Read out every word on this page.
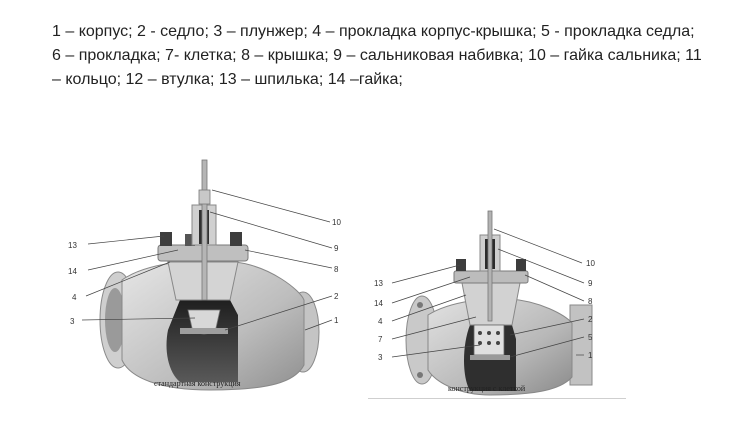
1 – корпус; 2 - седло; 3 – плунжер; 4 – прокладка корпус-крышка; 5 - прокладка седла;
6 – прокладка; 7- клетка; 8 – крышка; 9 – сальниковая набивка; 10 – гайка сальника; 11
– кольцо; 12 – втулка; 13 – шпилька; 14 –гайка;

13
14
4
3
10
9
8
2
1
стандартная конструкция
13
14
4
7
3
10
9
8
2
5
1
конструкция с клеткой
